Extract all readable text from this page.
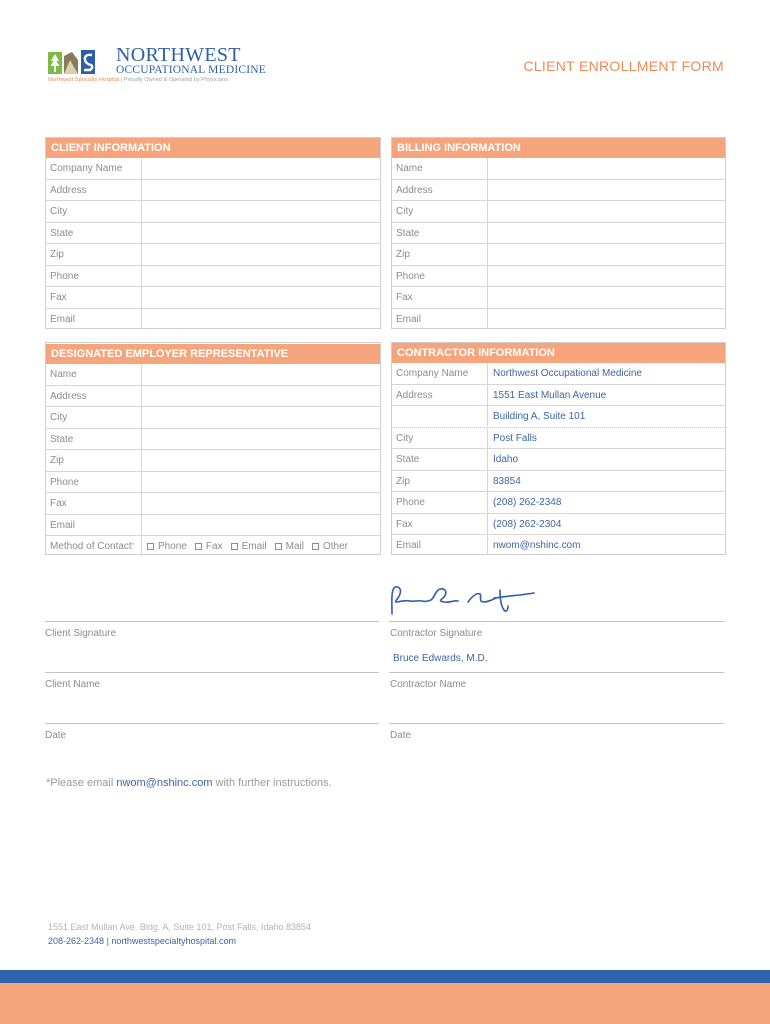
NORTHWEST
OCCUPATIONAL MEDICINE
Northwest Specialty Hospital | Proudly Owned & Operated by Physicians
CLIENT ENROLLMENT FORM
CLIENT INFORMATION
Company Name
Address
City
State
Zip
Phone
Fax
Email
BILLING INFORMATION
Name
Address
City
State
Zip
Phone
Fax
Email
DESIGNATED EMPLOYER REPRESENTATIVE
Name
Address
City
State
Zip
Phone
Fax
Email
Method of Contact * Phone Fax Email Mail Other
CONTRACTOR INFORMATION
Company Name	Northwest Occupational Medicine
Address	1551 East Mullan Avenue
Building A, Suite 101
City	Post Falls
State	Idaho
Zip	83854
Phone	(208) 262-2348
Fax	(208) 262-2304
Email	nwom@nshinc.com
Client Signature	Contractor Signature
Bruce Edwards, M.D.
Client Name	Contractor Name
Date	Date
*Please email nwom@nshinc.com with further instructions.
1551 East Mullan Ave. Bldg. A, Suite 101, Post Falls, Idaho 83854
208-262-2348 | northwestspecialtyhospital.com
